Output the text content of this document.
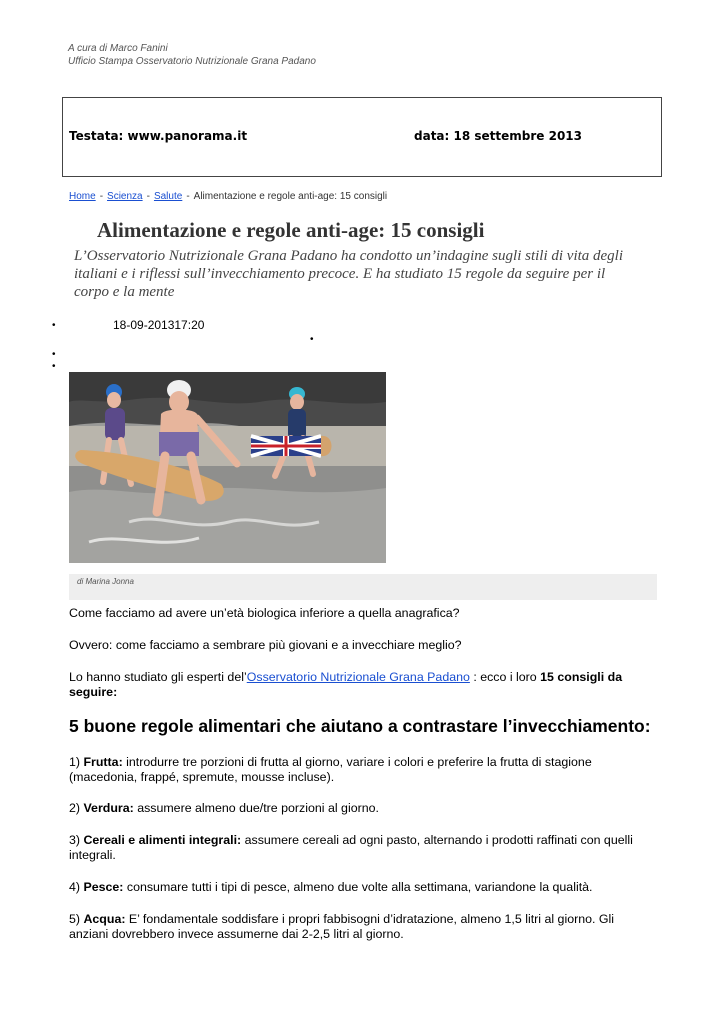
A cura di Marco Fanini
Ufficio Stampa Osservatorio Nutrizionale Grana Padano
Testata: www.panorama.it	data: 18 settembre 2013
Home - Scienza - Salute - Alimentazione e regole anti-age: 15 consigli
Alimentazione e regole anti-age: 15 consigli
L’Osservatorio Nutrizionale Grana Padano ha condotto un’indagine sugli stili di vita degli italiani e i riflessi sull’invecchiamento precoce. E ha studiato 15 regole da seguire per il corpo e la mente
•	18-09-201317:20
•
•
•
di Marina Jonna
Come facciamo ad avere un’età biologica inferiore a quella anagrafica?
Ovvero: come facciamo a sembrare più giovani e a invecchiare meglio?
Lo hanno studiato gli esperti del’Osservatorio Nutrizionale Grana Padano : ecco i loro 15 consigli da seguire:
5 buone regole alimentari che aiutano a contrastare l’invecchiamento:
1) Frutta: introdurre tre porzioni di frutta al giorno, variare i colori e preferire la frutta di stagione (macedonia, frappé, spremute, mousse incluse).
2) Verdura: assumere almeno due/tre porzioni al giorno.
3) Cereali e alimenti integrali: assumere cereali ad ogni pasto, alternando i prodotti raffinati con quelli integrali.
4) Pesce: consumare tutti i tipi di pesce, almeno due volte alla settimana, variandone la qualità.
5) Acqua: E’ fondamentale soddisfare i propri fabbisogni d’idratazione, almeno 1,5 litri al giorno. Gli anziani dovrebbero invece assumerne dai 2-2,5 litri al giorno.
